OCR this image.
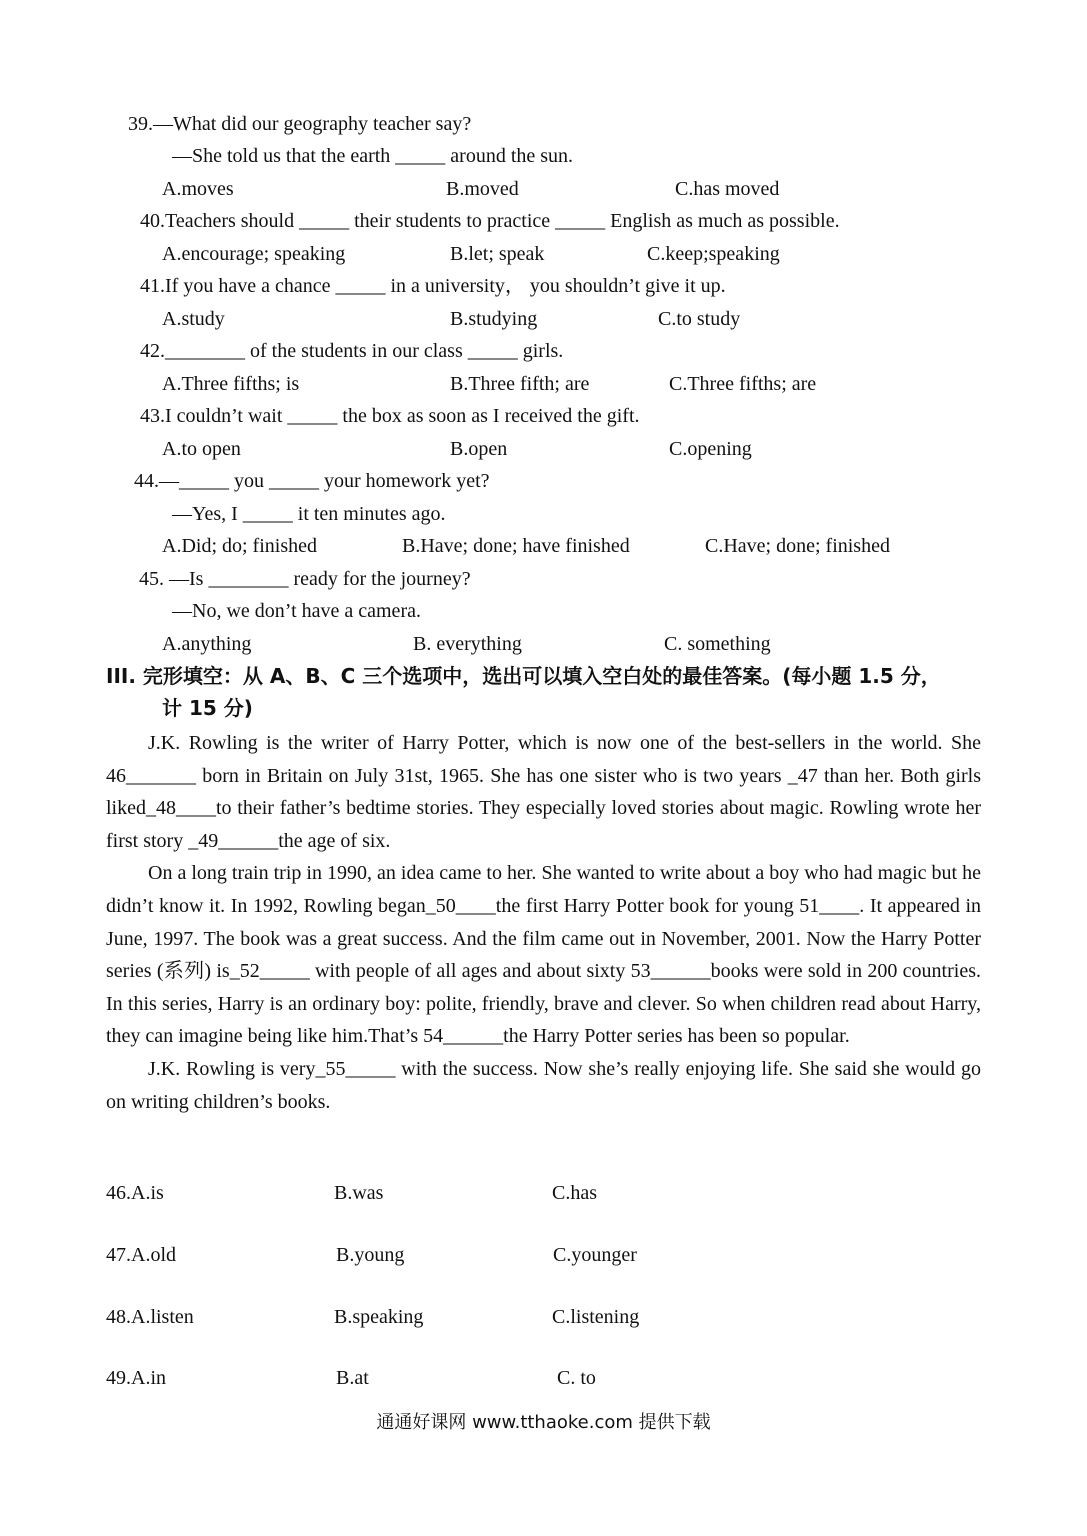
39.—What did our geography teacher say?
—She told us that the earth _____ around the sun.
A.moves	B.moved	C.has moved
40.Teachers should _____ their students to practice _____ English as much as possible.
A.encourage; speaking	B.let; speak	C.keep;speaking
41.If you have a chance _____ in a university， you shouldn’t give it up.
A.study	B.studying	C.to study
42.________ of the students in our class _____ girls.
A.Three fifths; is	B.Three fifth; are	C.Three fifths; are
43.I couldn’t wait _____ the box as soon as I received the gift.
A.to open	B.open	C.opening
44.—_____ you _____ your homework yet?
—Yes, I _____ it ten minutes ago.
A.Did; do; finished	B.Have; done; have finished	C.Have; done; finished
45. —Is ________ ready for the journey?
—No, we don’t have a camera.
A.anything	B. everything	C. something
III. 完形填空：从 A、B、C 三个选项中，选出可以填入空白处的最佳答案。(每小题 1.5 分，
计 15 分)

J.K. Rowling is the writer of Harry Potter, which is now one of the best-sellers in the world. She 46_______ born in Britain on July 31st, 1965. She has one sister who is two years _47 than her. Both girls liked_48____to their father’s bedtime stories. They especially loved stories about magic. Rowling wrote her first story _49______the age of six.

On a long train trip in 1990, an idea came to her. She wanted to write about a boy who had magic but he didn’t know it. In 1992, Rowling began_50____the first Harry Potter book for young 51____. It appeared in June, 1997. The book was a great success. And the film came out in November, 2001. Now the Harry Potter series (系列) is_52_____ with people of all ages and about sixty 53______books were sold in 200 countries. In this series, Harry is an ordinary boy: polite, friendly, brave and clever. So when children read about Harry, they can imagine being like him.That’s 54______the Harry Potter series has been so popular.

J.K. Rowling is very_55_____ with the success. Now she’s really enjoying life. She said she would go on writing children’s books.

46.A.is	B.was	C.has
47.A.old	B.young	C.younger
48.A.listen	B.speaking	C.listening
49.A.in	B.at	C. to
通通好课网 www.tthaoke.com 提供下载
